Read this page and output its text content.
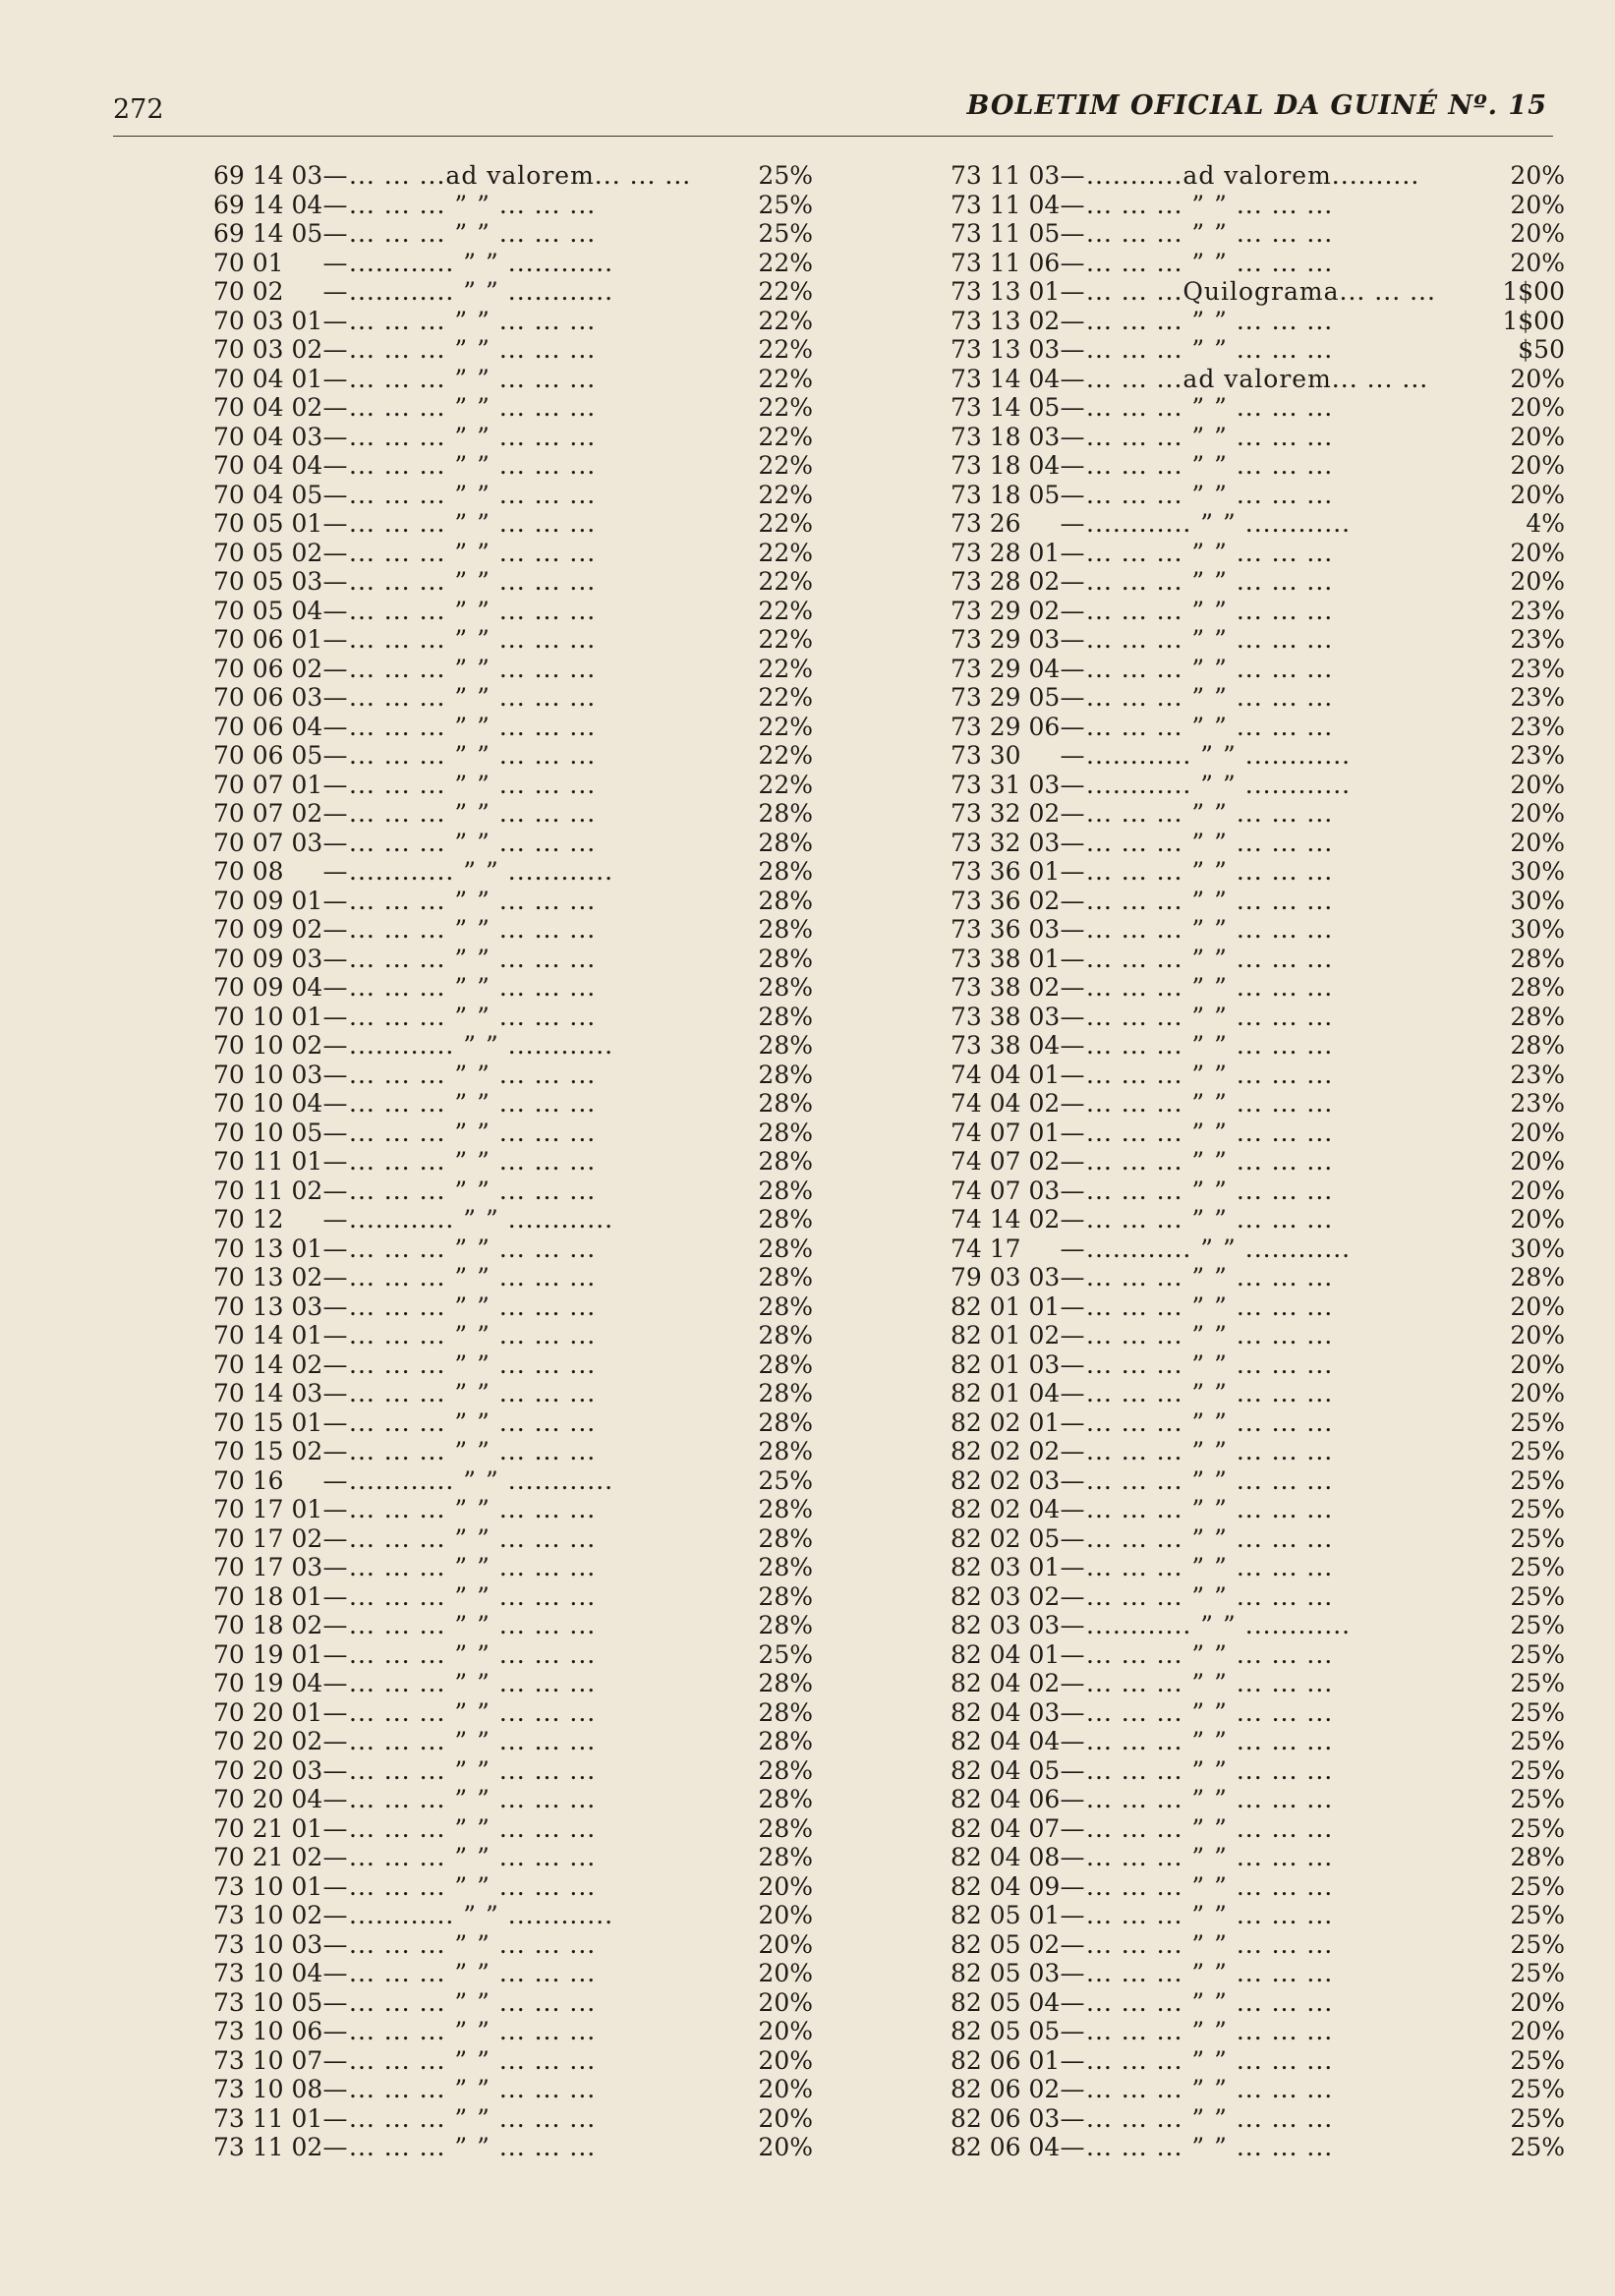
272	BOLETIM OFICIAL DA GUINÉ Nº. 15
69 14 03 — ... ... ...ad valorem... ... ...	25%
69 14 04 — ... ... ... ” ” ... ... ...	25%
69 14 05 — ... ... ... ” ” ... ... ...	25%
70 01	— ............ ” ” ............	22%
70 02	— ............ ” ” ............	22%
70 03 01 — ... ... ... ” ” ... ... ...	22%
70 03 02 — ... ... ... ” ” ... ... ...	22%
70 04 01 — ... ... ... ” ” ... ... ...	22%
70 04 02 — ... ... ... ” ” ... ... ...	22%
70 04 03 — ... ... ... ” ” ... ... ...	22%
70 04 04 — ... ... ... ” ” ... ... ...	22%
70 04 05 — ... ... ... ” ” ... ... ...	22%
70 05 01 — ... ... ... ” ” ... ... ...	22%
70 05 02 — ... ... ... ” ” ... ... ...	22%
70 05 03 — ... ... ... ” ” ... ... ...	22%
70 05 04 — ... ... ... ” ” ... ... ...	22%
70 06 01 — ... ... ... ” ” ... ... ...	22%
70 06 02 — ... ... ... ” ” ... ... ...	22%
70 06 03 — ... ... ... ” ” ... ... ...	22%
70 06 04 — ... ... ... ” ” ... ... ...	22%
70 06 05 — ... ... ... ” ” ... ... ...	22%
70 07 01 — ... ... ... ” ” ... ... ...	22%
70 07 02 — ... ... ... ” ” ... ... ...	28%
70 07 03 — ... ... ... ” ” ... ... ...	28%
70 08	— ............ ” ” ............	28%
70 09 01 — ... ... ... ” ” ... ... ...	28%
70 09 02 — ... ... ... ” ” ... ... ...	28%
70 09 03 — ... ... ... ” ” ... ... ...	28%
70 09 04 — ... ... ... ” ” ... ... ...	28%
70 10 01 — ... ... ... ” ” ... ... ...	28%
70 10 02 — ............ ” ” ............	28%
70 10 03 — ... ... ... ” ” ... ... ...	28%
70 10 04 — ... ... ... ” ” ... ... ...	28%
70 10 05 — ... ... ... ” ” ... ... ...	28%
70 11 01 — ... ... ... ” ” ... ... ...	28%
70 11 02 — ... ... ... ” ” ... ... ...	28%
70 12	— ............ ” ” ............	28%
70 13 01 — ... ... ... ” ” ... ... ...	28%
70 13 02 — ... ... ... ” ” ... ... ...	28%
70 13 03 — ... ... ... ” ” ... ... ...	28%
70 14 01 — ... ... ... ” ” ... ... ...	28%
70 14 02 — ... ... ... ” ” ... ... ...	28%
70 14 03 — ... ... ... ” ” ... ... ...	28%
70 15 01 — ... ... ... ” ” ... ... ...	28%
70 15 02 — ... ... ... ” ” ... ... ...	28%
70 16	— ............ ” ” ............	25%
70 17 01 — ... ... ... ” ” ... ... ...	28%
70 17 02 — ... ... ... ” ” ... ... ...	28%
70 17 03 — ... ... ... ” ” ... ... ...	28%
70 18 01 — ... ... ... ” ” ... ... ...	28%
70 18 02 — ... ... ... ” ” ... ... ...	28%
70 19 01 — ... ... ... ” ” ... ... ...	25%
70 19 04 — ... ... ... ” ” ... ... ...	28%
70 20 01 — ... ... ... ” ” ... ... ...	28%
70 20 02 — ... ... ... ” ” ... ... ...	28%
70 20 03 — ... ... ... ” ” ... ... ...	28%
70 20 04 — ... ... ... ” ” ... ... ...	28%
70 21 01 — ... ... ... ” ” ... ... ...	28%
70 21 02 — ... ... ... ” ” ... ... ...	28%
73 10 01 — ... ... ... ” ” ... ... ...	20%
73 10 02 — ............ ” ” ............	20%
73 10 03 — ... ... ... ” ” ... ... ...	20%
73 10 04 — ... ... ... ” ” ... ... ...	20%
73 10 05 — ... ... ... ” ” ... ... ...	20%
73 10 06 — ... ... ... ” ” ... ... ...	20%
73 10 07 — ... ... ... ” ” ... ... ...	20%
73 10 08 — ... ... ... ” ” ... ... ...	20%
73 11 01 — ... ... ... ” ” ... ... ...	20%
73 11 02 — ... ... ... ” ” ... ... ...	20%
73 11 03 — ...........ad valorem..........	20%
73 11 04 — ... ... ... ” ” ... ... ...	20%
73 11 05 — ... ... ... ” ” ... ... ...	20%
73 11 06 — ... ... ... ” ” ... ... ...	20%
73 13 01 — ... ... ...Quilograma... ... ...	1$00
73 13 02 — ... ... ... ” ” ... ... ...	1$00
73 13 03 — ... ... ... ” ” ... ... ...	$50
73 14 04 — ... ... ...ad valorem... ... ...	20%
73 14 05 — ... ... ... ” ” ... ... ...	20%
73 18 03 — ... ... ... ” ” ... ... ...	20%
73 18 04 — ... ... ... ” ” ... ... ...	20%
73 18 05 — ... ... ... ” ” ... ... ...	20%
73 26	— ............ ” ” ............	4%
73 28 01 — ... ... ... ” ” ... ... ...	20%
73 28 02 — ... ... ... ” ” ... ... ...	20%
73 29 02 — ... ... ... ” ” ... ... ...	23%
73 29 03 — ... ... ... ” ” ... ... ...	23%
73 29 04 — ... ... ... ” ” ... ... ...	23%
73 29 05 — ... ... ... ” ” ... ... ...	23%
73 29 06 — ... ... ... ” ” ... ... ...	23%
73 30	— ............ ” ” ............	23%
73 31 03 — ............ ” ” ............	20%
73 32 02 — ... ... ... ” ” ... ... ...	20%
73 32 03 — ... ... ... ” ” ... ... ...	20%
73 36 01 — ... ... ... ” ” ... ... ...	30%
73 36 02 — ... ... ... ” ” ... ... ...	30%
73 36 03 — ... ... ... ” ” ... ... ...	30%
73 38 01 — ... ... ... ” ” ... ... ...	28%
73 38 02 — ... ... ... ” ” ... ... ...	28%
73 38 03 — ... ... ... ” ” ... ... ...	28%
73 38 04 — ... ... ... ” ” ... ... ...	28%
74 04 01 — ... ... ... ” ” ... ... ...	23%
74 04 02 — ... ... ... ” ” ... ... ...	23%
74 07 01 — ... ... ... ” ” ... ... ...	20%
74 07 02 — ... ... ... ” ” ... ... ...	20%
74 07 03 — ... ... ... ” ” ... ... ...	20%
74 14 02 — ... ... ... ” ” ... ... ...	20%
74 17	— ............ ” ” ............	30%
79 03 03 — ... ... ... ” ” ... ... ...	28%
82 01 01 — ... ... ... ” ” ... ... ...	20%
82 01 02 — ... ... ... ” ” ... ... ...	20%
82 01 03 — ... ... ... ” ” ... ... ...	20%
82 01 04 — ... ... ... ” ” ... ... ...	20%
82 02 01 — ... ... ... ” ” ... ... ...	25%
82 02 02 — ... ... ... ” ” ... ... ...	25%
82 02 03 — ... ... ... ” ” ... ... ...	25%
82 02 04 — ... ... ... ” ” ... ... ...	25%
82 02 05 — ... ... ... ” ” ... ... ...	25%
82 03 01 — ... ... ... ” ” ... ... ...	25%
82 03 02 — ... ... ... ” ” ... ... ...	25%
82 03 03 — ............ ” ” ............	25%
82 04 01 — ... ... ... ” ” ... ... ...	25%
82 04 02 — ... ... ... ” ” ... ... ...	25%
82 04 03 — ... ... ... ” ” ... ... ...	25%
82 04 04 — ... ... ... ” ” ... ... ...	25%
82 04 05 — ... ... ... ” ” ... ... ...	25%
82 04 06 — ... ... ... ” ” ... ... ...	25%
82 04 07 — ... ... ... ” ” ... ... ...	25%
82 04 08 — ... ... ... ” ” ... ... ...	28%
82 04 09 — ... ... ... ” ” ... ... ...	25%
82 05 01 — ... ... ... ” ” ... ... ...	25%
82 05 02 — ... ... ... ” ” ... ... ...	25%
82 05 03 — ... ... ... ” ” ... ... ...	25%
82 05 04 — ... ... ... ” ” ... ... ...	20%
82 05 05 — ... ... ... ” ” ... ... ...	20%
82 06 01 — ... ... ... ” ” ... ... ...	25%
82 06 02 — ... ... ... ” ” ... ... ...	25%
82 06 03 — ... ... ... ” ” ... ... ...	25%
82 06 04 — ... ... ... ” ” ... ... ...	25%
